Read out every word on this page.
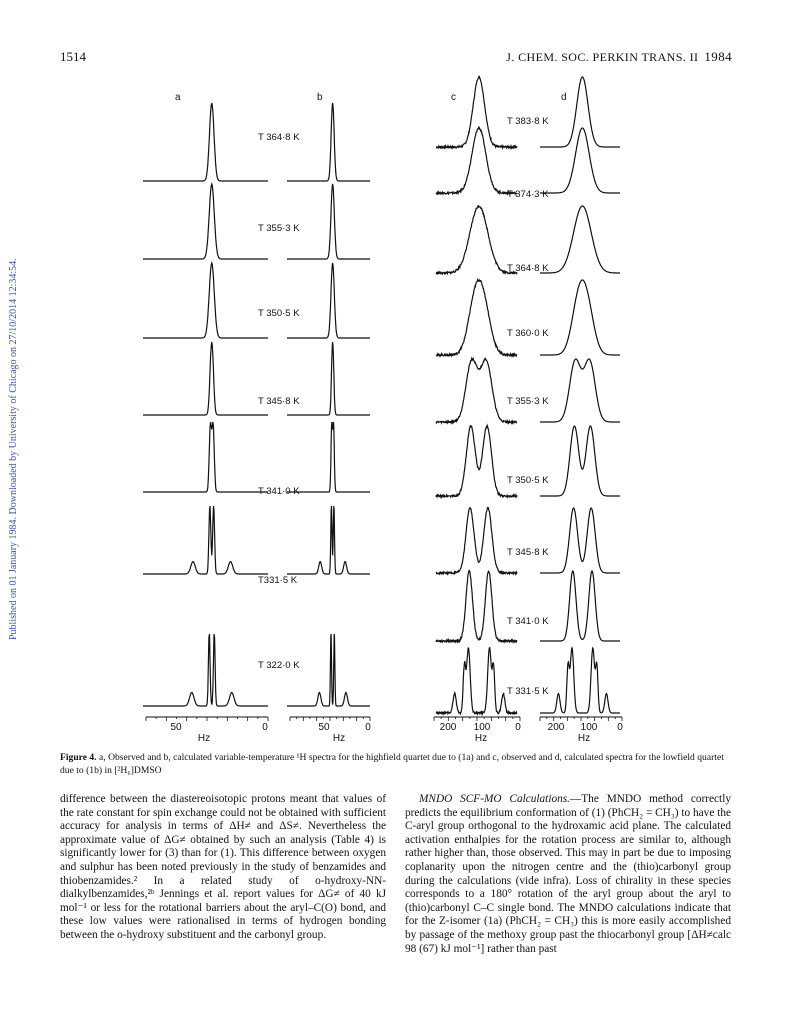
Published on 01 January 1984. Downloaded by University of Chicago on 27/10/2014 12:34:54.
1514	J. CHEM. SOC. PERKIN TRANS. II 1984
a	b	c	d
T 364·8 K
T 355·3 K
T 350·5 K
T 345·8 K
T 341·0 K
T331·5 K
T 322·0 K
T 383·8 K
T 374·3 K
T 364·8 K
T 360·0 K
T 355·3 K
T 350·5 K
T 345·8 K
T 341·0 K
T 331·5 K
50	0
Hz
50	0
Hz
200 100 0
Hz
200 100 0
Hz
Figure 4. a, Observed and b, calculated variable-temperature ¹H spectra for the highfield quartet due to (1a) and c, observed and d, calculated spectra for the lowfield quartet due to (1b) in [²H₆]DMSO

difference between the diastereoisotopic protons meant that values of the rate constant for spin exchange could not be obtained with sufficient accuracy for analysis in terms of ΔH≠ and ΔS≠. Nevertheless the approximate value of ΔG≠ obtained by such an analysis (Table 4) is significantly lower for (3) than for (1). This difference between oxygen and sulphur has been noted previously in the study of benzamides and thiobenzamides.² In a related study of o-hydroxy-NN-dialkylbenzamides,²ᵇ Jennings et al. report values for ΔG≠ of 40 kJ mol⁻¹ or less for the rotational barriers about the aryl–C(O) bond, and these low values were rationalised in terms of hydrogen bonding between the o-hydroxy substituent and the carbonyl group.

MNDO SCF-MO Calculations.—The MNDO method correctly predicts the equilibrium conformation of (1) (PhCH₂ = CH₃) to have the C-aryl group orthogonal to the hydroxamic acid plane. The calculated activation enthalpies for the rotation process are similar to, although rather higher than, those observed. This may in part be due to imposing coplanarity upon the nitrogen centre and the (thio)carbonyl group during the calculations (vide infra). Loss of chirality in these species corresponds to a 180° rotation of the aryl group about the aryl to (thio)carbonyl C–C single bond. The MNDO calculations indicate that for the Z-isomer (1a) (PhCH₂ = CH₃) this is more easily accomplished by passage of the methoxy group past the thiocarbonyl group [ΔH≠calc 98 (67) kJ mol⁻¹] rather than past
